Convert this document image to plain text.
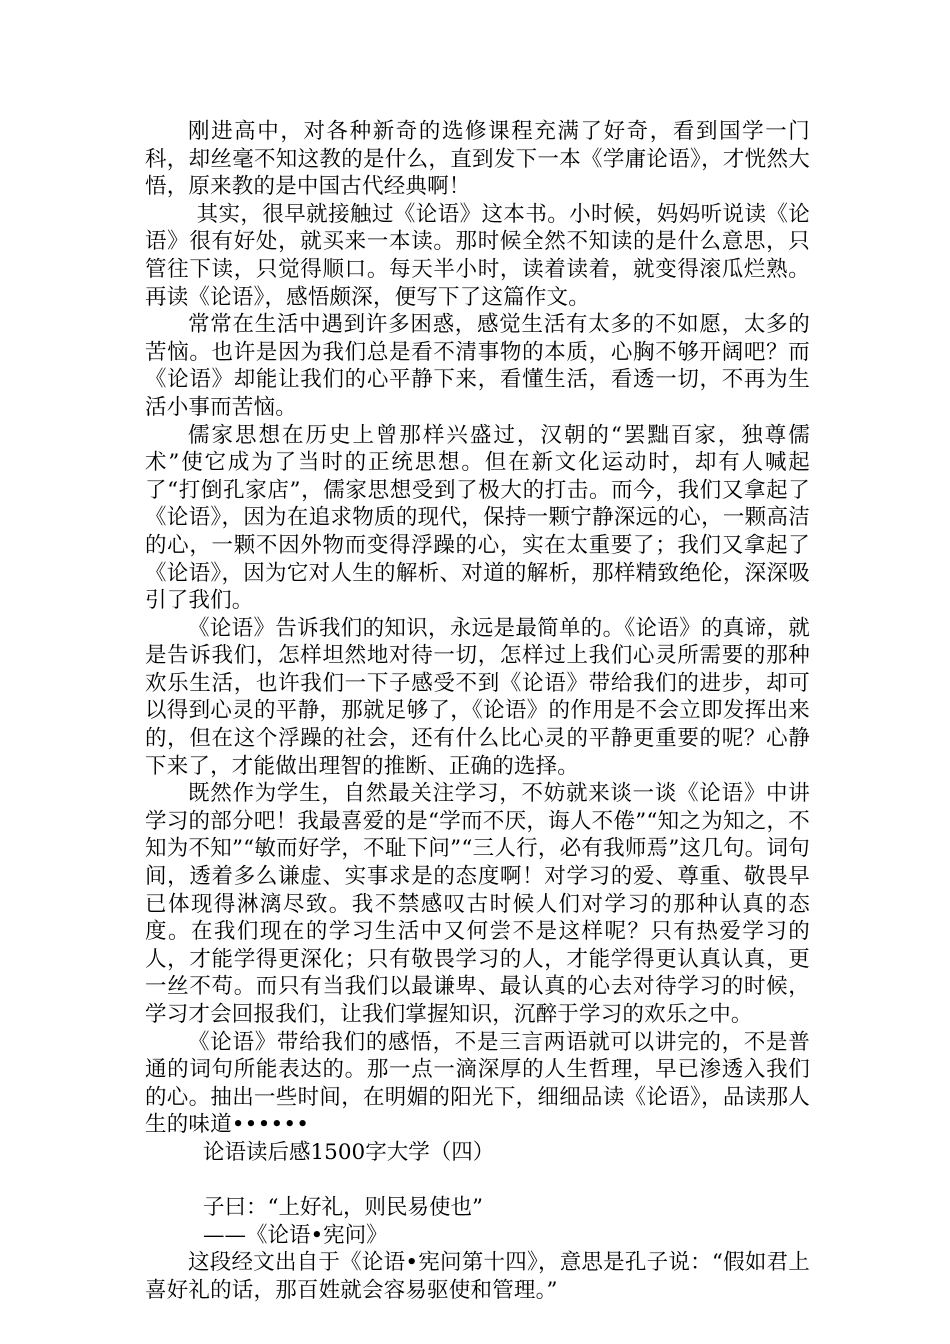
刚进高中，对各种新奇的选修课程充满了好奇，看到国学一门科，却丝毫不知这教的是什么，直到发下一本《学庸论语》，才恍然大悟，原来教的是中国古代经典啊！

其实，很早就接触过《论语》这本书。小时候，妈妈听说读《论语》很有好处，就买来一本读。那时候全然不知读的是什么意思，只管往下读，只觉得顺口。每天半小时，读着读着，就变得滚瓜烂熟。再读《论语》，感悟颇深，便写下了这篇作文。

常常在生活中遇到许多困惑，感觉生活有太多的不如愿，太多的苦恼。也许是因为我们总是看不清事物的本质，心胸不够开阔吧？而《论语》却能让我们的心平静下来，看懂生活，看透一切，不再为生活小事而苦恼。

儒家思想在历史上曾那样兴盛过，汉朝的“罢黜百家，独尊儒术”使它成为了当时的正统思想。但在新文化运动时，却有人喊起了“打倒孔家店”，儒家思想受到了极大的打击。而今，我们又拿起了《论语》，因为在追求物质的现代，保持一颗宁静深远的心，一颗高洁的心，一颗不因外物而变得浮躁的心，实在太重要了；我们又拿起了《论语》，因为它对人生的解析、对道的解析，那样精致绝伦，深深吸引了我们。

《论语》告诉我们的知识，永远是最简单的。《论语》的真谛，就是告诉我们，怎样坦然地对待一切，怎样过上我们心灵所需要的那种欢乐生活，也许我们一下子感受不到《论语》带给我们的进步，却可以得到心灵的平静，那就足够了，《论语》的作用是不会立即发挥出来的，但在这个浮躁的社会，还有什么比心灵的平静更重要的呢？心静下来了，才能做出理智的推断、正确的选择。

既然作为学生，自然最关注学习，不妨就来谈一谈《论语》中讲学习的部分吧！我最喜爱的是“学而不厌，诲人不倦”“知之为知之，不知为不知”“敏而好学，不耻下问”“三人行，必有我师焉”这几句。词句间，透着多么谦虚、实事求是的态度啊！对学习的爱、尊重、敬畏早已体现得淋漓尽致。我不禁感叹古时候人们对学习的那种认真的态度。在我们现在的学习生活中又何尝不是这样呢？只有热爱学习的人，才能学得更深化；只有敬畏学习的人，才能学得更认真认真，更一丝不苟。而只有当我们以最谦卑、最认真的心去对待学习的时候，学习才会回报我们，让我们掌握知识，沉醉于学习的欢乐之中。

《论语》带给我们的感悟，不是三言两语就可以讲完的，不是普通的词句所能表达的。那一点一滴深厚的人生哲理，早已渗透入我们的心。抽出一些时间，在明媚的阳光下，细细品读《论语》，品读那人生的味道••••••

论语读后感1500字大学（四）

子曰：“上好礼，则民易使也”

——《论语•宪问》

这段经文出自于《论语•宪问第十四》，意思是孔子说：“假如君上喜好礼的话，那百姓就会容易驱使和管理。”
